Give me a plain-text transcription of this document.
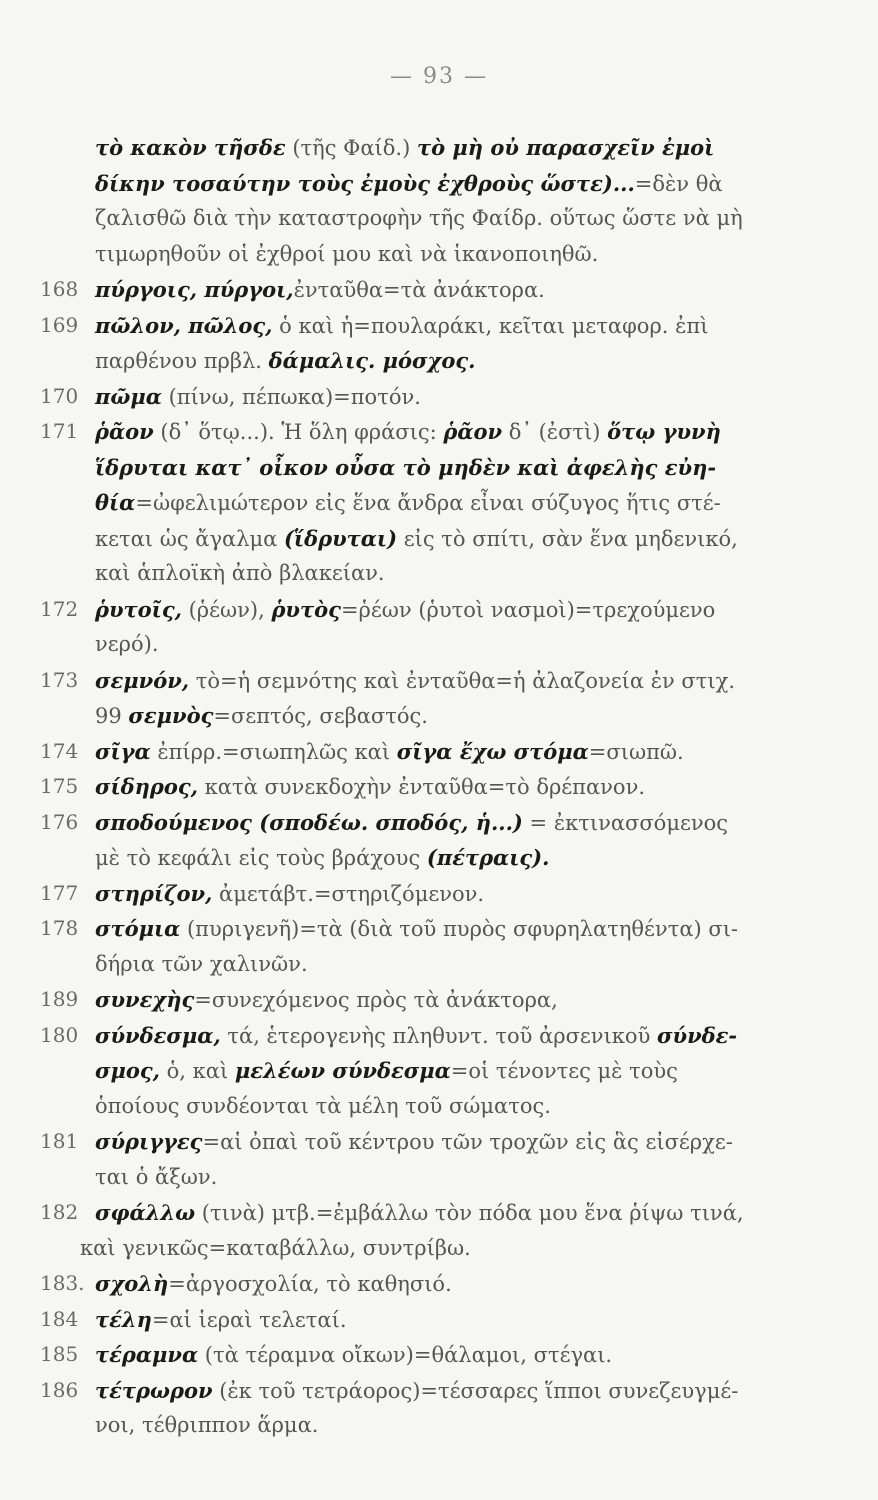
— 93 —
τὸ κακὸν τῆσδε (τῆς Φαίδ.) τὸ μὴ οὐ παρασχεῖν ἐμοὶ
δίκην τοσαύτην τοὺς ἐμοὺς ἐχθροὺς ὥστε)...=δὲν θὰ
ζαλισθῶ διὰ τὴν καταστροφὴν τῆς Φαίδρ. οὕτως ὥστε νὰ μὴ
τιμωρηθοῦν οἱ ἐχθροί μου καὶ νὰ ἱκανοποιηθῶ.
168 πύργοις, πύργοι,ἐνταῦθα=τὰ ἀνάκτορα.
169 πῶλον, πῶλος, ὁ καὶ ἡ=πουλαράκι, κεῖται μεταφορ. ἐπὶ
παρθένου πρβλ. δάμαλις. μόσχος.
170 πῶμα (πίνω, πέπωκα)=ποτόν.
171 ῥᾶον (δ᾽ ὅτῳ...). Ἡ ὅλη φράσις: ῥᾶον δ᾽ (ἐστὶ) ὅτῳ γυνὴ
ἵδρυται κατ᾽ οἶκον οὖσα τὸ μηδὲν καὶ ἀφελὴς εὐη-
θία=ὠφελιμώτερον εἰς ἕνα ἄνδρα εἶναι σύζυγος ἥτις στέ-
κεται ὡς ἄγαλμα (ἵδρυται) εἰς τὸ σπίτι, σὰν ἕνα μηδενικό,
καὶ ἁπλοϊκὴ ἀπὸ βλακείαν.
172 ῥυτοῖς, (ῥέων), ῥυτὸς=ῥέων (ῥυτοὶ νασμοὶ)=τρεχούμενο
νερό).
173 σεμνόν, τὸ=ἡ σεμνότης καὶ ἐνταῦθα=ἡ ἀλαζονεία ἐν στιχ.
99 σεμνὸς=σεπτός, σεβαστός.
174 σῖγα ἐπίρρ.=σιωπηλῶς καὶ σῖγα ἔχω στόμα=σιωπῶ.
175 σίδηρος, κατὰ συνεκδοχὴν ἐνταῦθα=τὸ δρέπανον.
176 σποδούμενος (σποδέω. σποδός, ἡ...) = ἐκτινασσόμενος
μὲ τὸ κεφάλι εἰς τοὺς βράχους (πέτραις).
177 στηρίζον, ἀμετάβτ.=στηριζόμενον.
178 στόμια (πυριγενῆ)=τὰ (διὰ τοῦ πυρὸς σφυρηλατηθέντα) σι-
δήρια τῶν χαλινῶν.
189 συνεχὴς=συνεχόμενος πρὸς τὰ ἀνάκτορα,
180 σύνδεσμα, τά, ἑτερογενὴς πληθυντ. τοῦ ἀρσενικοῦ σύνδε-
σμος, ὁ, καὶ μελέων σύνδεσμα=οἱ τένοντες μὲ τοὺς
ὁποίους συνδέονται τὰ μέλη τοῦ σώματος.
181 σύριγγες=αἱ ὀπαὶ τοῦ κέντρου τῶν τροχῶν εἰς ἃς εἰσέρχε-
ται ὁ ἄξων.
182 σφάλλω (τινὰ) μτβ.=ἐμβάλλω τὸν πόδα μου ἕνα ῥίψω τινά,
καὶ γενικῶς=καταβάλλω, συντρίβω.
183. σχολὴ=ἀργοσχολία, τὸ καθησιό.
184 τέλη=αἱ ἱεραὶ τελεταί.
185 τέραμνα (τὰ τέραμνα οἴκων)=θάλαμοι, στέγαι.
186 τέτρωρον (ἐκ τοῦ τετράορος)=τέσσαρες ἵπποι συνεζευγμέ-
νοι, τέθριππον ἅρμα.
